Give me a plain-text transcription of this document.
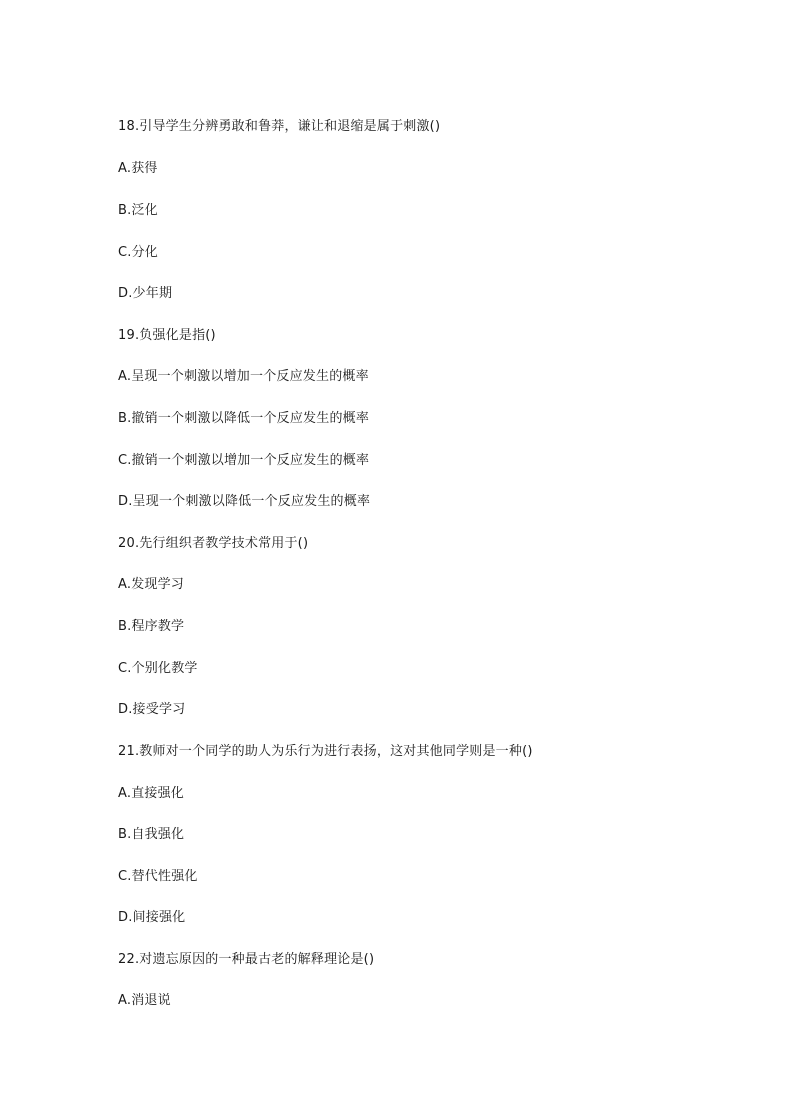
18.引导学生分辨勇敢和鲁莽，谦让和退缩是属于刺激()
A.获得
B.泛化
C.分化
D.少年期
19.负强化是指()
A.呈现一个刺激以增加一个反应发生的概率
B.撤销一个刺激以降低一个反应发生的概率
C.撤销一个刺激以增加一个反应发生的概率
D.呈现一个刺激以降低一个反应发生的概率
20.先行组织者教学技术常用于()
A.发现学习
B.程序教学
C.个别化教学
D.接受学习
21.教师对一个同学的助人为乐行为进行表扬，这对其他同学则是一种()
A.直接强化
B.自我强化
C.替代性强化
D.间接强化
22.对遗忘原因的一种最古老的解释理论是()
A.消退说
